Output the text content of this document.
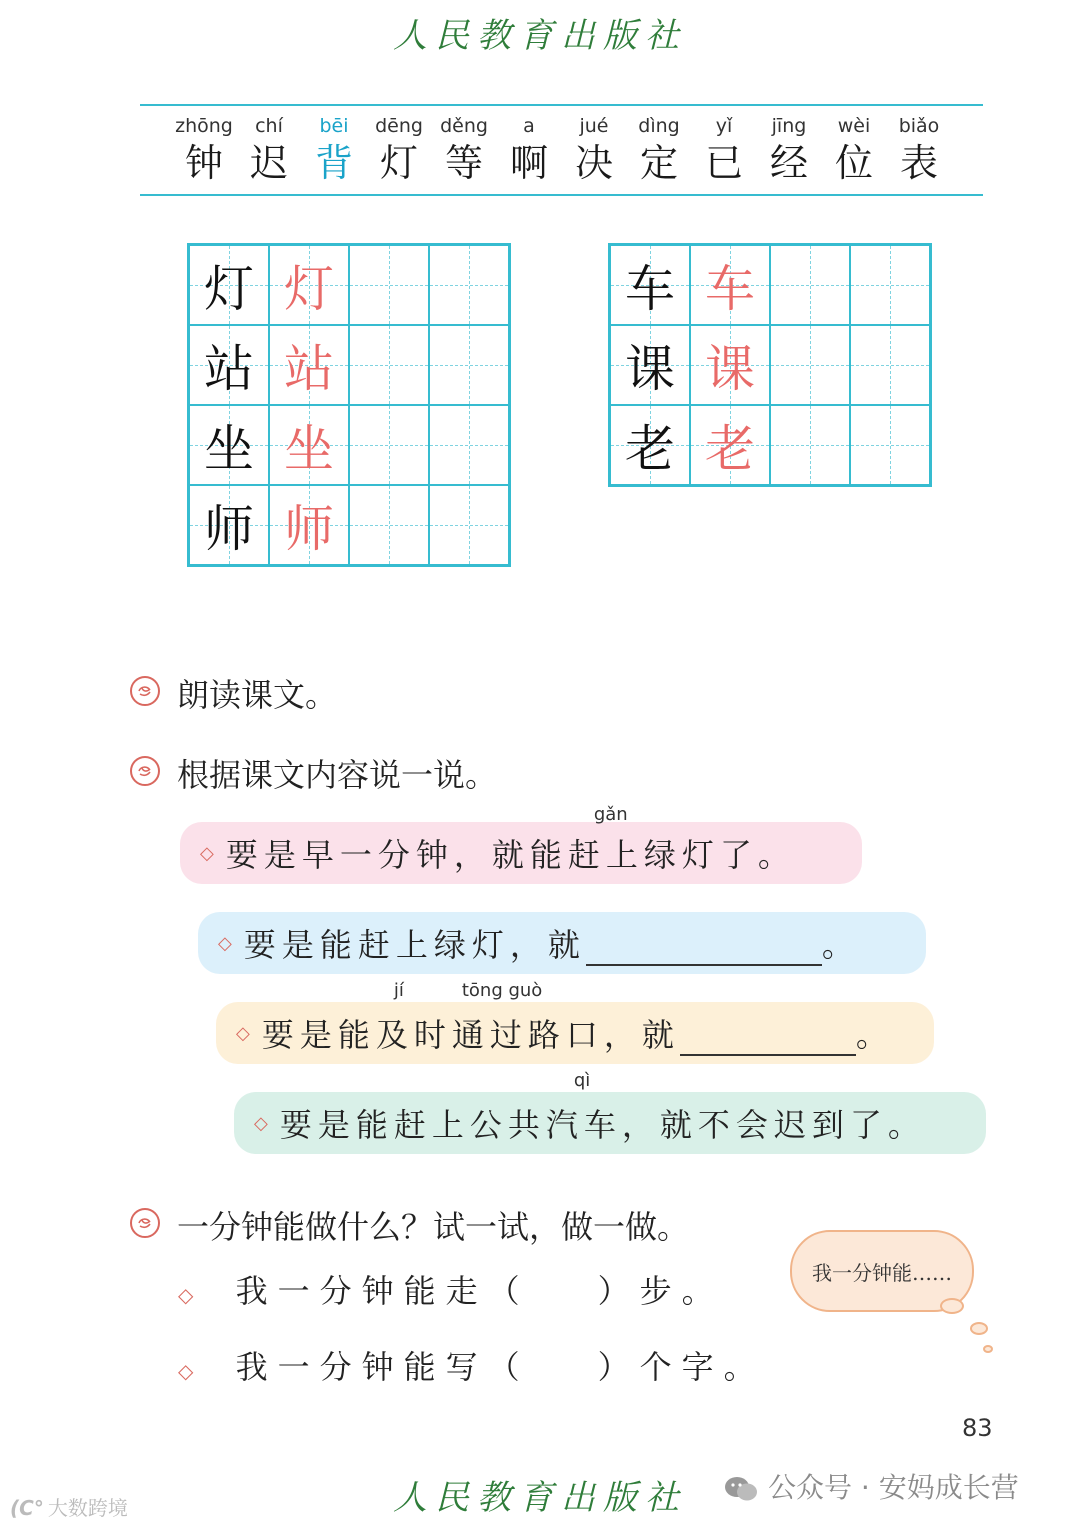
人民教育出版社
zhōng
钟
chí
迟
bēi
背
dēng
灯
děng
等
a
啊
jué
决
dìng
定
yǐ
已
jīng
经
wèi
位
biǎo
表
灯 灯
站 站
坐 坐
师 师
车 车
课 课
老 老
朗读课文。
根据课文内容说一说。
◇
gǎn
要是早一分钟，就能赶上绿灯了。
◇ 要是能赶上绿灯，就	。
◇
jí	tōng guò
要是能及时通过路口，就	。
◇
qì
要是能赶上公共汽车，就不会迟到了。
一分钟能做什么？试一试，做一做。
◇ 我一分钟能走（ ）步。
◇ 我一分钟能写（ ）个字。
我一分钟能……
83
人民教育出版社	公众号 · 安妈成长营
(C° 大数跨境
